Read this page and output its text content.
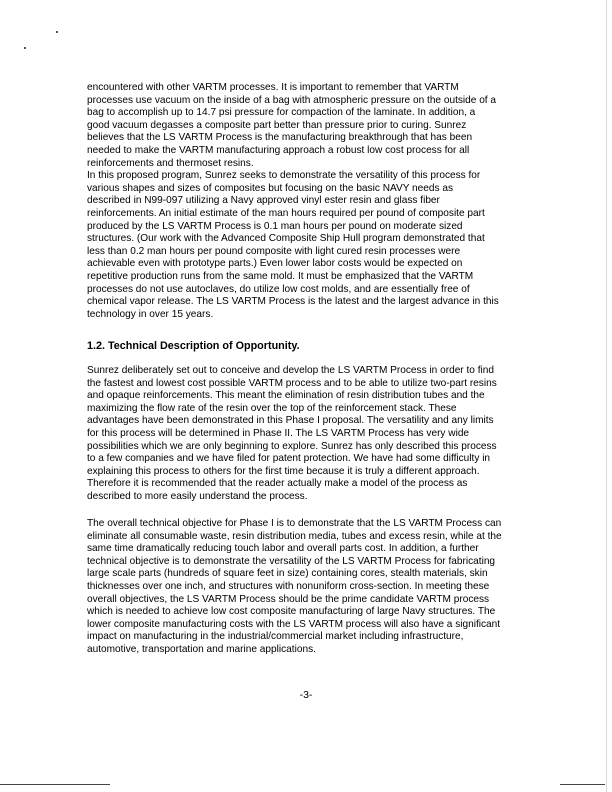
encountered with other VARTM processes. It is important to remember that VARTM
processes use vacuum on the inside of a bag with atmospheric pressure on the outside of a
bag to accomplish up to 14.7 psi pressure for compaction of the laminate. In addition, a
good vacuum degasses a composite part better than pressure prior to curing. Sunrez
believes that the LS VARTM Process is the manufacturing breakthrough that has been
needed to make the VARTM manufacturing approach a robust low cost process for all
reinforcements and thermoset resins.
In this proposed program, Sunrez seeks to demonstrate the versatility of this process for
various shapes and sizes of composites but focusing on the basic NAVY needs as
described in N99-097 utilizing a Navy approved vinyl ester resin and glass fiber
reinforcements. An initial estimate of the man hours required per pound of composite part
produced by the LS VARTM Process is 0.1 man hours per pound on moderate sized
structures. (Our work with the Advanced Composite Ship Hull program demonstrated that
less than 0.2 man hours per pound composite with light cured resin processes were
achievable even with prototype parts.) Even lower labor costs would be expected on
repetitive production runs from the same mold. It must be emphasized that the VARTM
processes do not use autoclaves, do utilize low cost molds, and are essentially free of
chemical vapor release. The LS VARTM Process is the latest and the largest advance in this
technology in over 15 years.
1.2. Technical Description of Opportunity.
Sunrez deliberately set out to conceive and develop the LS VARTM Process in order to find
the fastest and lowest cost possible VARTM process and to be able to utilize two-part resins
and opaque reinforcements. This meant the elimination of resin distribution tubes and the
maximizing the flow rate of the resin over the top of the reinforcement stack. These
advantages have been demonstrated in this Phase I proposal. The versatility and any limits
for this process will be determined in Phase II. The LS VARTM Process has very wide
possibilities which we are only beginning to explore. Sunrez has only described this process
to a few companies and we have filed for patent protection. We have had some difficulty in
explaining this process to others for the first time because it is truly a different approach.
Therefore it is recommended that the reader actually make a model of the process as
described to more easily understand the process.
The overall technical objective for Phase I is to demonstrate that the LS VARTM Process can
eliminate all consumable waste, resin distribution media, tubes and excess resin, while at the
same time dramatically reducing touch labor and overall parts cost. In addition, a further
technical objective is to demonstrate the versatility of the LS VARTM Process for fabricating
large scale parts (hundreds of square feet in size) containing cores, stealth materials, skin
thicknesses over one inch, and structures with nonuniform cross-section. In meeting these
overall objectives, the LS VARTM Process should be the prime candidate VARTM process
which is needed to achieve low cost composite manufacturing of large Navy structures. The
lower composite manufacturing costs with the LS VARTM process will also have a significant
impact on manufacturing in the industrial/commercial market including infrastructure,
automotive, transportation and marine applications.
-3-
